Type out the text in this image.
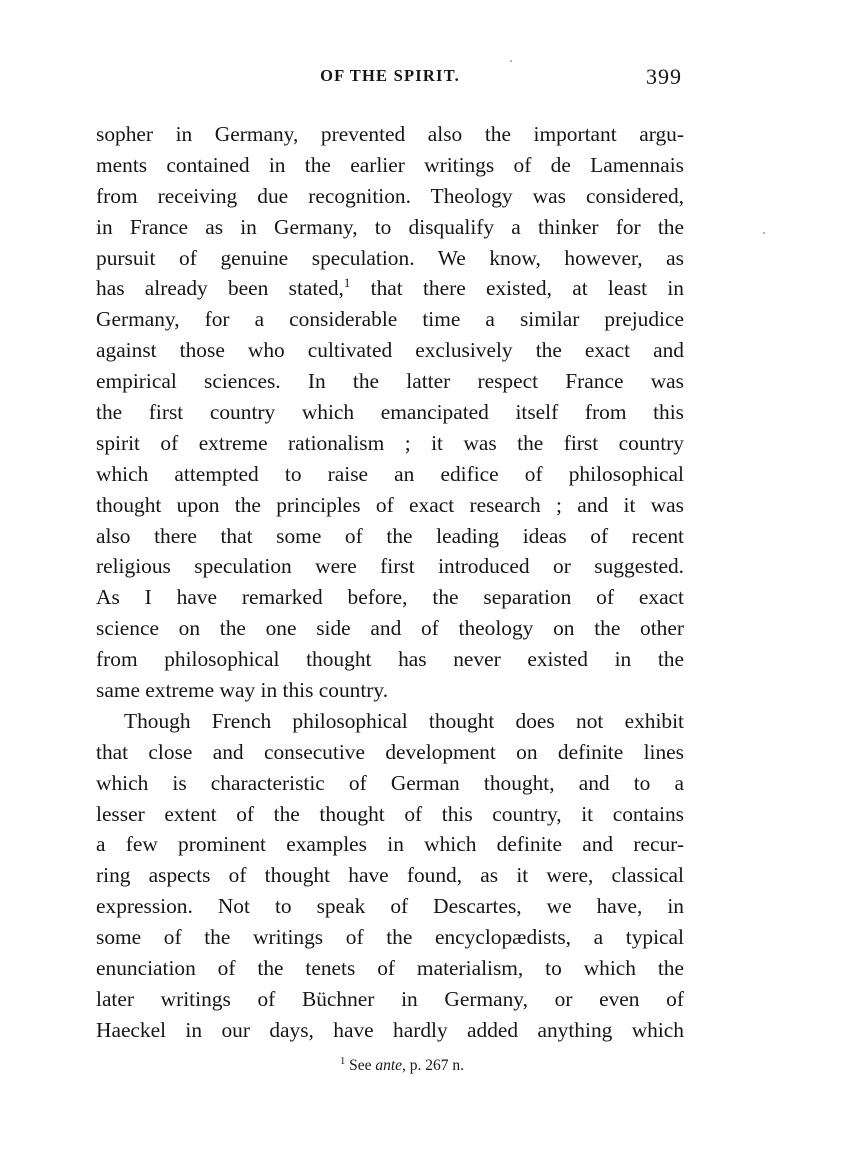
OF THE SPIRIT.	399
sopher in Germany, prevented also the important argu-
ments contained in the earlier writings of de Lamennais
from receiving due recognition. Theology was considered,
in France as in Germany, to disqualify a thinker for the
pursuit of genuine speculation. We know, however, as
has already been stated,$^1$ that there existed, at least in
Germany, for a considerable time a similar prejudice
against those who cultivated exclusively the exact and
empirical sciences. In the latter respect France was
the first country which emancipated itself from this
spirit of extreme rationalism ; it was the first country
which attempted to raise an edifice of philosophical
thought upon the principles of exact research ; and it was
also there that some of the leading ideas of recent
religious speculation were first introduced or suggested.
As I have remarked before, the separation of exact
science on the one side and of theology on the other
from philosophical thought has never existed in the
same extreme way in this country.
Though French philosophical thought does not exhibit
that close and consecutive development on definite lines
which is characteristic of German thought, and to a
lesser extent of the thought of this country, it contains
a few prominent examples in which definite and recur-
ring aspects of thought have found, as it were, classical
expression. Not to speak of Descartes, we have, in
some of the writings of the encyclopædists, a typical
enunciation of the tenets of materialism, to which the
later writings of Büchner in Germany, or even of
Haeckel in our days, have hardly added anything which
$^1$ See ante, p. 267 n.
